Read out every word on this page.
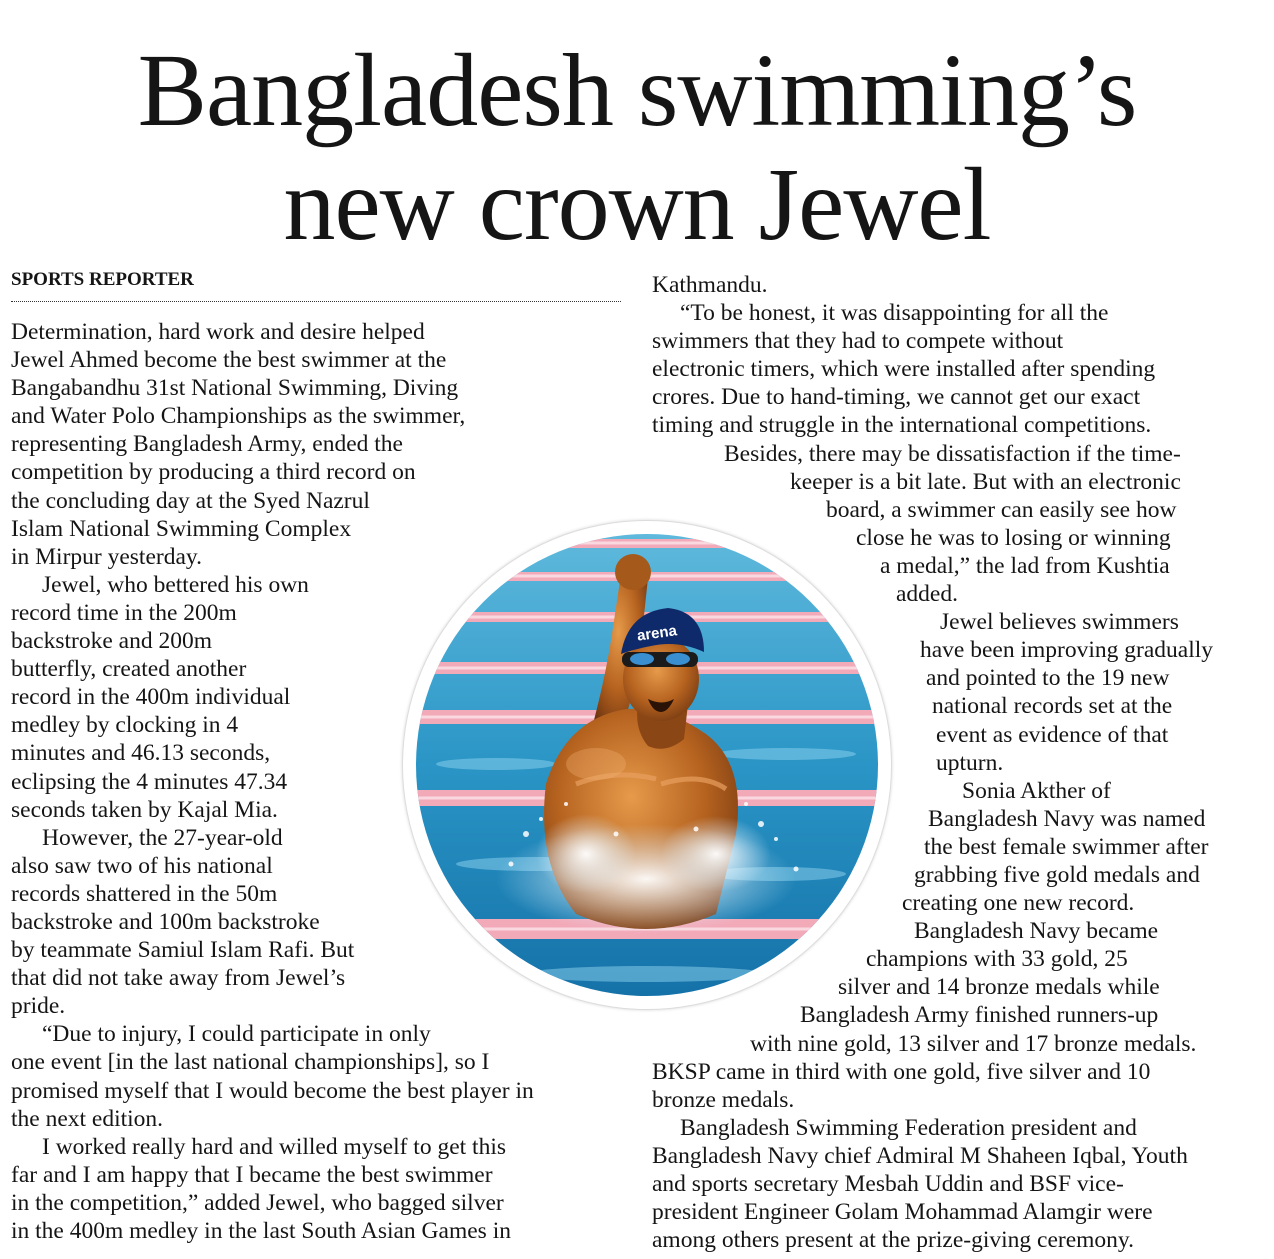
Bangladesh swimming’s
new crown Jewel
SPORTS REPORTER
Determination, hard work and desire helped
Jewel Ahmed become the best swimmer at the
Bangabandhu 31st National Swimming, Diving
and Water Polo Championships as the swimmer,
representing Bangladesh Army, ended the
competition by producing a third record on
the concluding day at the Syed Nazrul
Islam National Swimming Complex
in Mirpur yesterday.
Jewel, who bettered his own
record time in the 200m
backstroke and 200m
butterfly, created another
record in the 400m individual
medley by clocking in 4
minutes and 46.13 seconds,
eclipsing the 4 minutes 47.34
seconds taken by Kajal Mia.
However, the 27-year-old
also saw two of his national
records shattered in the 50m
backstroke and 100m backstroke
by teammate Samiul Islam Rafi. But
that did not take away from Jewel’s
pride.
“Due to injury, I could participate in only
one event [in the last national championships], so I
promised myself that I would become the best player in
the next edition.
I worked really hard and willed myself to get this
far and I am happy that I became the best swimmer
in the competition,” added Jewel, who bagged silver
in the 400m medley in the last South Asian Games in
Kathmandu.
“To be honest, it was disappointing for all the
swimmers that they had to compete without
electronic timers, which were installed after spending
crores. Due to hand-timing, we cannot get our exact
timing and struggle in the international competitions.
Besides, there may be dissatisfaction if the time-
keeper is a bit late. But with an electronic
board, a swimmer can easily see how
close he was to losing or winning
a medal,” the lad from Kushtia
added.
Jewel believes swimmers
have been improving gradually
and pointed to the 19 new
national records set at the
event as evidence of that
upturn.
Sonia Akther of
Bangladesh Navy was named
the best female swimmer after
grabbing five gold medals and
creating one new record.
Bangladesh Navy became
champions with 33 gold, 25
silver and 14 bronze medals while
Bangladesh Army finished runners-up
with nine gold, 13 silver and 17 bronze medals.
BKSP came in third with one gold, five silver and 10
bronze medals.
Bangladesh Swimming Federation president and
Bangladesh Navy chief Admiral M Shaheen Iqbal, Youth
and sports secretary Mesbah Uddin and BSF vice-
president Engineer Golam Mohammad Alamgir were
among others present at the prize-giving ceremony.
arena
